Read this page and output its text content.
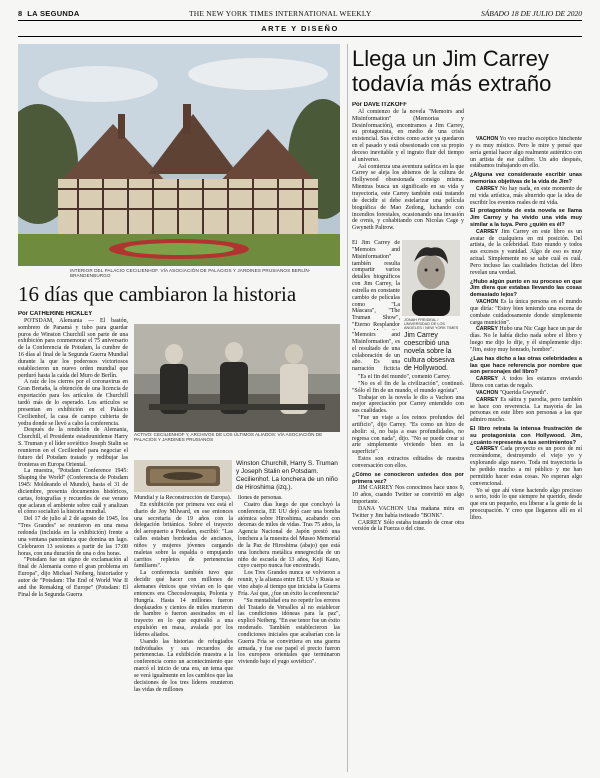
8 LA SEGUNDA	THE NEW YORK TIMES INTERNATIONAL WEEKLY	SÁBADO 18 DE JULIO DE 2020
ARTE Y DISEÑO
INTERIOR DEL PALACIO CECILIENHOF. VÍA ASOCIACIÓN DE PALACIOS Y JARDINES PRUSIANOS BERLÍN-BRANDENBURGO
16 días que cambiaron la historia
Por CATHERINE HICKLEY

POTSDAM, Alemania — El bastón, sombrero de Panamá y tubo para guardar puros de Winston Churchill son parte de una exhibición para conmemorar el 75 aniversario de la Conferencia de Potsdam, la cumbre de 16 días al final de la Segunda Guerra Mundial durante la que los poderosos victoriosos establecieron un nuevo orden mundial que perduró hasta la caída del Muro de Berlín.

A raíz de los cierres por el coronavirus en Gran Bretaña, la obtención de una licencia de exportación para los artículos de Churchill tardó más de lo esperado. Los artículos se presentan en exhibición en el Palacio Cecilienhof, la casa de campo cubierta de yedra donde se llevó a cabo la conferencia.

Después de la rendición de Alemania, Churchill, el Presidente estadounidense Harry S. Truman y el líder soviético Joseph Stalin se reunieron en el Cecilienhof para negociar el futuro del Potsdam tratado y redibujar las fronteras en Europa Oriental.

La muestra, "Potsdam Conference 1945: Shaping the World" (Conferencia de Potsdam 1945: Moldeando el Mundo), hasta el 31 de diciembre, presenta documentos históricos, cartas, fotografías y recuerdos de ese verano que aclaran el ambiente sobre cuál y analizan el cómo socializó la historia mundial.

Del 17 de julio al 2 de agosto de 1945, los "Tres Grandes" se reunieron en una mesa redonda (incluida en la exhibición) frente a una ventana panorámica que domina un lago. Celebraron 13 sesiones a partir de las 17:00 horas, con una duración de una o dos horas.

"Potsdam fue un signo de exclamación al final de Alemania como el gran problema en Europa", dijo Michael Neiberg, historiador y autor de "Potsdam: The End of World War II and the Remaking of Europe" (Potsdam: El Final de la Segunda Guerra

ACTIVO: CECILIENHOF Y, ARCHIVOS DE LOS ÚLTIMOS ALIADOS: VÍA ASOCIACIÓN DE PALACIOS Y JARDINES PRUSIANOS
Winston Churchill, Harry S. Truman y Joseph Stalin en Potsdam. Cecilienhof. La lonchera de un niño de Hiroshima (izq.).

Mundial y la Reconstrucción de Europa).

En exhibición por primera vez está el diario de Joy Milward, en ese entonces una secretaria de 19 años con la delegación británica. Sobre el trayecto del aeropuerto a Potsdam, escribió: "Las calles estaban bordeadas de ancianos, niños y mujeres jóvenes cargando maletas sobre la espalda o empujando carritos repletos de pertenencias familiares".

La conferencia también tuvo que decidir qué hacer con millones de alemanes étnicos que vivían en lo que entonces era Checoslovaquia, Polonia y Hungría. Hasta 14 millones fueron desplazados y cientos de miles murieron de hambre o fueron asesinados en el trayecto en lo que equivalió a una expulsión en masa, avalada por los líderes aliados.

Usando las historias de refugiados individuales y sus recuerdos de pertenencias. La exhibición muestra a la conferencia como un acontecimiento que marcó el inicio de una era, un tema que se verá igualmente en los cambios que las decisiones de los tres líderes reunieron las vidas de millones

llones de personas.

Cuatro días luego de que concluyó la conferencia, EE UU dejó caer una bomba atómica sobre Hiroshima, acabando con decenas de miles de vidas. Tras 75 años, la Agencia Nacional de Japón prestó una lonchera a la muestra del Museo Memorial de la Paz de Hiroshima (abajo) que está una lonchera metálica ennegrecida de un niño de escuela de 13 años, Koji Kano, cuyo cuerpo nunca fue encontrado.

Los Tres Grandes nunca se volvieron a reunir, y la alianza entre EE UU y Rusia se vino abajo al tiempo que iniciaba la Guerra Fría. Así que, ¿fue un éxito la conferencia?

"Su mentalidad era no repetir los errores del Tratado de Versalles al no establecer las condiciones idóneas para la paz", explicó Neiberg. "En ese tenor fue un éxito moderado. También establecieron las condiciones iniciales que acabarían con la Guerra Fría se convirtiera en una guerra armada, y fue ese papel el precio fueron los europeos orientales que terminaron viviendo bajo el yugo soviético".

Llega un Jim Carrey todavía más extraño
Por DAVE ITZKOFF

Al comienzo de la novela "Memoirs and Misinformation" (Memorias y Desinformación), encontramos a Jim Carrey, su protagonista, en medio de una crisis existencial. Sus éxitos como actor ya quedaron en el pasado y está obsesionado con su propio deceso inevitable y el ingrato fluir del tiempo al universo.

Así comienza una aventura satírica en la que Carrey se aleja los abismos de la cultura de Hollywood obsesionada consigo misma. Mientras busca un significado en su vida y trayectoria, este Carrey también está tratando de decidir si debe estelarizar una película biográfica de Mao Zedong, luchando con incendios forestales, ocasionando una invasión de ovnis, y cohabitando con Nicolas Cage y Gwyneth Paltrow.

El Jim Carrey de "Memoirs and Misinformation" también resulta compartir varios detalles biográficos con Jim Carrey, la estrella en constante cambio de películas como "La Máscara", "The Truman Show", "Eterno Resplandor

JONAH FREIDEAL / UNIVERSIDAD DE LOS ANGELES / NEW YORK TIMES
Jim Carrey coescribió una novela sobre la cultura obsesiva de Hollywood.

"Memoirs and Misinformation", es el resultado de una colaboración de un año. Es una narración ficticia

"Es el fin del mundo", comentó Carrey.

"No es el fin de la civilización", continuó. "Sólo el fin de un mundo, el mundo egoísta".

Trabajar en la novela le dio a Vachon una mejor apreciación por Carrey entendido con sus cualidades.

"Fue un viaje a los reinos profundos del artificio", dijo Carrey. "Es como un hizo de abolir: sí, no baja a esas profundidades, no regresa con nada", dijo. "No se puede crear si arte simplemente viviendo bien en la superficie".

Estos son extractos editados de nuestra conversación con ellos.

¿Cómo se conocieron ustedes dos por primera vez?

JIM CARREY Nos conocimos hace unos 9, 10 años, cuando Twitter se convirtió en algo importante.

DANA VACHON Una mañana mira en Twitter y Jim había twiteado "BONK".

CARREY Sólo estaba tratando de crear otra versión de la Fuerza o del cine.

VACHON Yo veo mucho escéptico hinchente y es muy místico. Pero le mire y pensé que sería genial hacer algo realmente auténtico con un artista de ese calibre. Un año después, estábamos trabajando en ello.

¿Alguna vez consideraste escribir unas memorias objetivas de la vida de Jim?

CARREY No hay nada, en este momento de mi vida artística, más aburrido que la idea de escribir los eventos reales de mi vida.

El protagonista de esta novela se llama Jim Carrey y ha vivido una vida muy similar a la tuya. Pero ¿quién es él?

CARREY Jim Carrey en este libro es un avatar de cualquiera en mi posición. Del artista, de la celebridad. Esto mundo y todos sus excesos y vanidad. Algo de eso es muy actual. Simplemente no se sabe cuál es cuál. Pero incluso las cualidades ficticias del libro revelan una verdad.

¿Hubo algún punto en su proceso en que Jim diera que estabas llevando las cosas demasiado lejos?

VACHON Es la única persona en el mundo que diría: "Estoy bien teniendo una escena de combate cuidadosamente donde simplemente carga munición".

CARREY Hubo una Nic Cage hace un par de días. No le había dicho nada sobre el libro y luego me dijo lo dije, y él simplemente dijo: "Jim, estoy muy honrado, hombre".

¿Las has dicho a las otras celebridades a las que hace referencia por nombre que son personajes del libro?

CARREY A todos les estamos enviando libros con cartas de regalo.

VACHON "Querida Gwyneth".

CARREY Es sátira y parodia, pero también se hace con reverencia. La mayoría de las personas en este libro son personas a las que admiro mucho.

El libro retrata la intensa frustración de su protagonista con Hollywood. Jim, ¿cuánto representa a tus sentimientos?

CARREY Cada proyecto es un poco de mí recreándome, destruyendo el viejo yo y explorando algo nuevo. Toda mi trayectoria la he pedido mucho a mi público y me han permitido hacer estas cosas. No esperan algo convencional.

Yo sé que ahí viene haciendo algo precioso o serio, todo lo que siempre he querido, desde que era un pequeño, era liberar a la gente de la preocupación. Y creo que llegamos allí en el libro.
